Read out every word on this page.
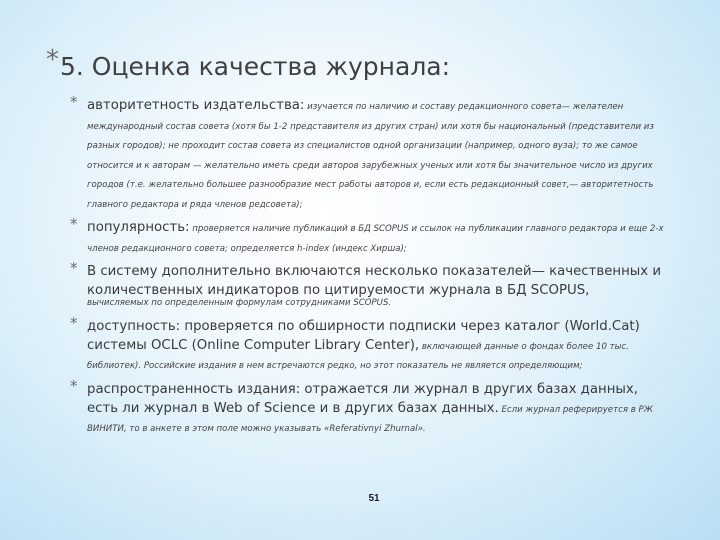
*5. Оценка качества журнала:
* авторитетность издательства: изучается по наличию и составу редакционного совета— желателен международный состав совета (хотя бы 1-2 представителя из других стран) или хотя бы национальный (представители из разных городов); не проходит состав совета из специалистов одной организации (например, одного вуза); то же самое относится и к авторам — желательно иметь среди авторов зарубежных ученых или хотя бы значительное число из других городов (т.е. желательно большее разнообразие мест работы авторов и, если есть редакционный совет,— авторитетность главного редактора и ряда членов редсовета);
* популярность: проверяется наличие публикаций в БД SCOPUS и ссылок на публикации главного редактора и еще 2-х членов редакционного совета; определяется h-index (индекс Хирша);
* В систему дополнительно включаются несколько показателей— качественных и количественных индикаторов по цитируемости журнала в БД SCOPUS,
вычисляемых по определенным формулам сотрудниками SCOPUS.
* доступность: проверяется по обширности подписки через каталог (World.Cat) системы OCLC (Online Computer Library Center), включающей данные о фондах более 10 тыс. библиотек). Российские издания в нем встречаются редко, но этот показатель не является определяющим;
* распространенность издания: отражается ли журнал в других базах данных, есть ли журнал в Web of Science и в других базах данных. Если журнал реферируется в РЖ ВИНИТИ, то в анкете в этом поле можно указывать «Referativnyi Zhurnal».
51
